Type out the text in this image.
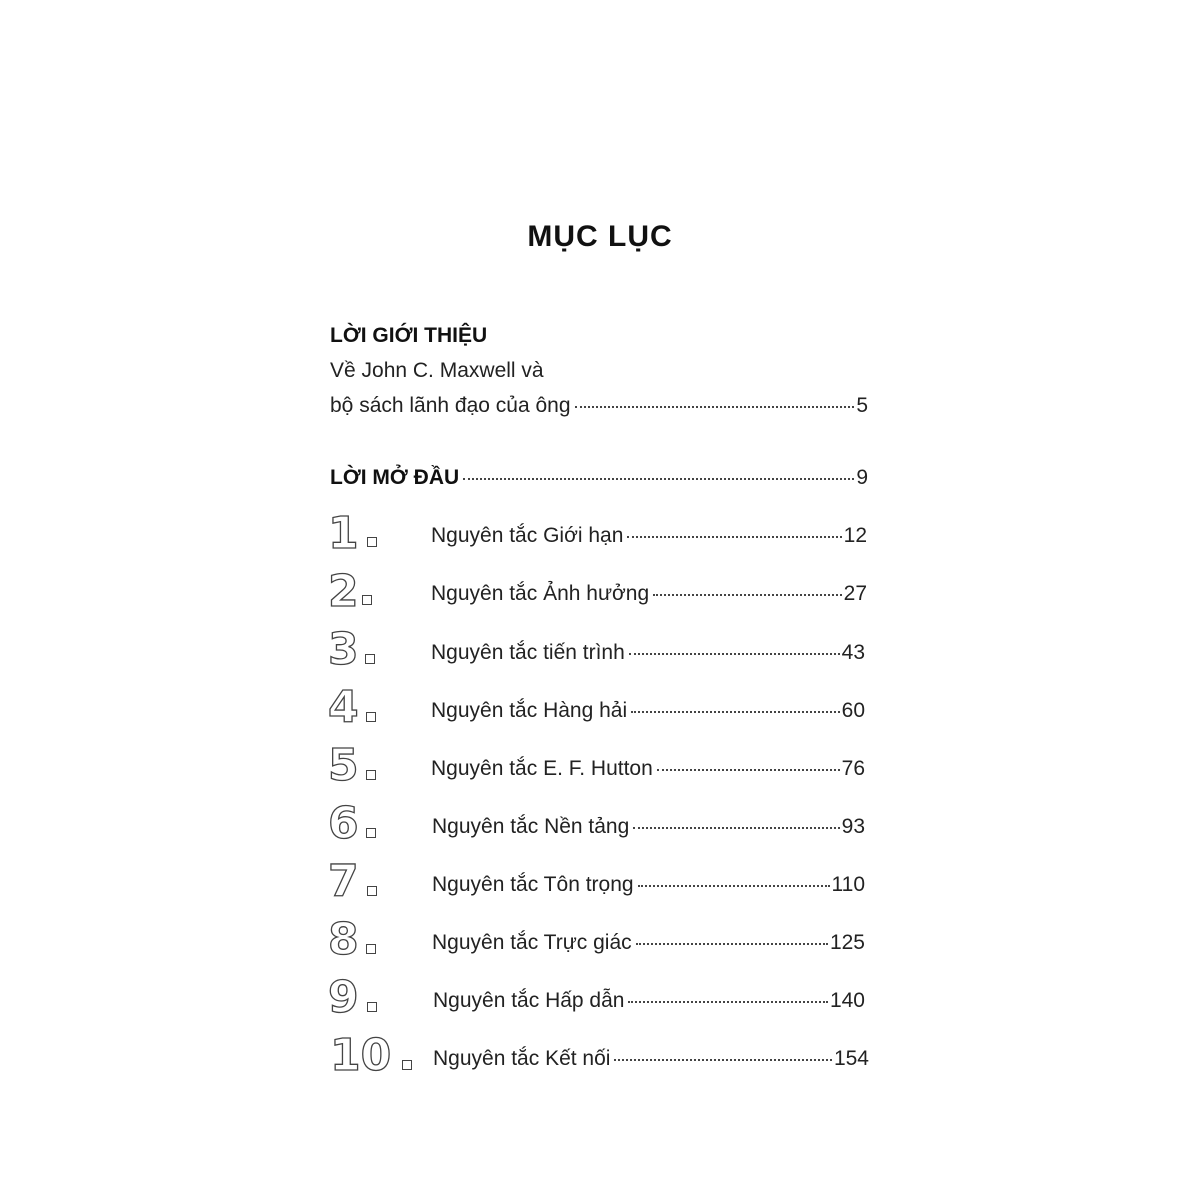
MỤC LỤC
LỜI GIỚI THIỆU
Về John C. Maxwell và
bộ sách lãnh đạo của ông	5
LỜI MỞ ĐẦU	9
1	Nguyên tắc Giới hạn	12
2	Nguyên tắc Ảnh hưởng	27
3	Nguyên tắc tiến trình	43
4	Nguyên tắc Hàng hải	60
5	Nguyên tắc E. F. Hutton	76
6	Nguyên tắc Nền tảng	93
7	Nguyên tắc Tôn trọng	110
8	Nguyên tắc Trực giác	125
9	Nguyên tắc Hấp dẫn	140
10 Nguyên tắc Kết nối	154
